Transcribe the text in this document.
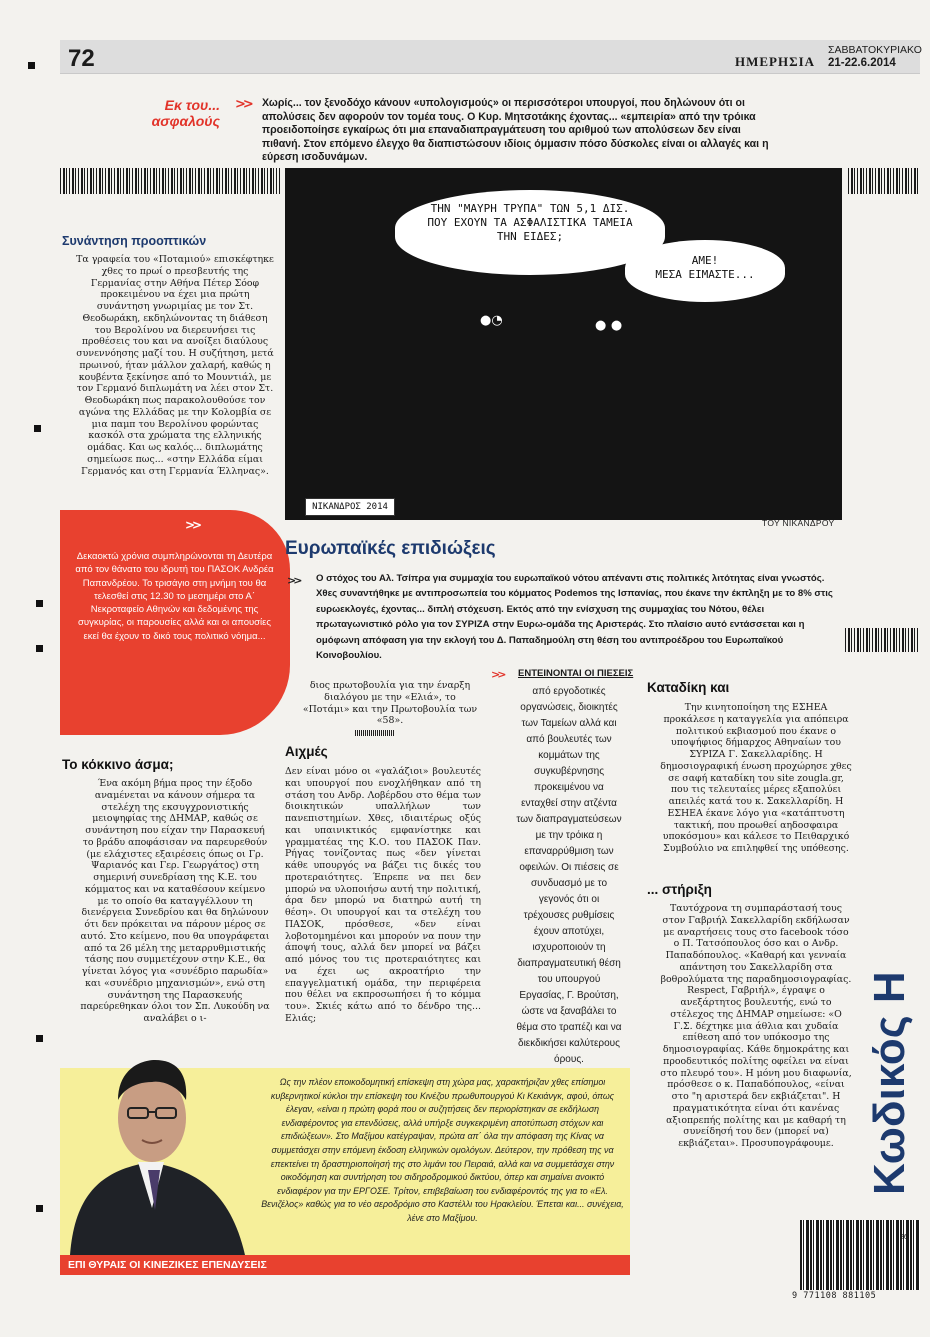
72	ΗΜΕΡΗΣΙΑ
ΣΑΒΒΑΤΟΚΥΡΙΑΚΟ
21-22.6.2014
Εκ του...
ασφαλούς
>> Χωρίς... τον ξενοδόχο κάνουν «υπολογισμούς» οι περισσότεροι υπουργοί, που δηλώνουν ότι οι απολύσεις δεν αφορούν τον τομέα τους. Ο Κυρ. Μητσοτάκης έχοντας... «εμπειρία» από την τρόικα προειδοποίησε εγκαίρως ότι μια επαναδιαπραγμάτευση του αριθμού των απολύσεων δεν είναι πιθανή. Στον επόμενο έλεγχο θα διαπιστώσουν ιδίοις όμμασιν πόσο δύσκολες είναι οι αλλαγές και η εύρεση ισοδυνάμων.
ΤΗΝ "ΜΑΥΡΗ ΤΡΥΠΑ" ΤΩΝ 5,1 ΔΙΣ.
ΠΟΥ ΕΧΟΥΝ ΤΑ ΑΣΦΑΛΙΣΤΙΚΑ ΤΑΜΕΙΑ
ΤΗΝ ΕΙΔΕΣ;
ΑΜΕ!
ΜΕΣΑ ΕΙΜΑΣΤΕ...
●◔	● ●
ΝΙΚΑΝΔΡΟΣ 2014
ΤΟΥ ΝΙΚΑΝΔΡΟΥ
Συνάντηση προοπτικών
Τα γραφεία του «Ποταμιού» επισκέφτηκε χθες το πρωί ο πρεσβευτής της Γερμανίας στην Αθήνα Πέτερ Σόοφ προκειμένου να έχει μια πρώτη συνάντηση γνωριμίας με τον Στ. Θεοδωράκη, εκδηλώνοντας τη διάθεση του Βερολίνου να διερευνήσει τις προθέσεις του και να ανοίξει διαύλους συνεννόησης μαζί του. Η συζήτηση, μετά πρωινού, ήταν μάλλον χαλαρή, καθώς η κουβέντα ξεκίνησε από το Μουντιάλ, με τον Γερμανό διπλωμάτη να λέει στον Στ. Θεοδωράκη πως παρακολουθούσε τον αγώνα της Ελλάδας με την Κολομβία σε μια παμπ του Βερολίνου φορώντας κασκόλ στα χρώματα της ελληνικής ομάδας. Και ως καλός... διπλωμάτης σημείωσε πως... «στην Ελλάδα είμαι Γερμανός και στη Γερμανία Έλληνας».
>>
Δεκαοκτώ χρόνια συμπληρώνονται τη Δευτέρα από τον θάνατο του ιδρυτή του ΠΑΣΟΚ Ανδρέα Παπανδρέου. Το τρισάγιο στη μνήμη του θα τελεσθεί στις 12.30 το μεσημέρι στο Α΄ Νεκροταφείο Αθηνών και δεδομένης της συγκυρίας, οι παρουσίες αλλά και οι απουσίες εκεί θα έχουν το δικό τους πολιτικό νόημα...
Ευρωπαϊκές επιδιώξεις
>> Ο στόχος του Αλ. Τσίπρα για συμμαχία του ευρωπαϊκού νότου απέναντι στις πολιτικές λιτότητας είναι γνωστός. Χθες συναντήθηκε με αντιπροσωπεία του κόμματος Podemos της Ισπανίας, που έκανε την έκπληξη με το 8% στις ευρωεκλογές, έχοντας... διπλή στόχευση. Εκτός από την ενίσχυση της συμμαχίας του Νότου, θέλει πρωταγωνιστικό ρόλο για τον ΣΥΡΙΖΑ στην Ευρω-ομάδα της Αριστεράς. Στο πλαίσιο αυτό εντάσσεται και η ομόφωνη απόφαση για την εκλογή του Δ. Παπαδημούλη στη θέση του αντιπροέδρου του Ευρωπαϊκού Κοινοβουλίου.
Το κόκκινο άσμα;
Ένα ακόμη βήμα προς την έξοδο αναμένεται να κάνουν σήμερα τα στελέχη της εκσυγχρονιστικής μειοψηφίας της ΔΗΜΑΡ, καθώς σε συνάντηση που είχαν την Παρασκευή το βράδυ αποφάσισαν να παρευρεθούν (με ελάχιστες εξαιρέσεις όπως οι Γρ. Ψαριανός και Γερ. Γεωργάτος) στη σημερινή συνεδρίαση της Κ.Ε. του κόμματος και να καταθέσουν κείμενο με το οποίο θα καταγγέλλουν τη διενέργεια Συνεδρίου και θα δηλώνουν ότι δεν πρόκειται να πάρουν μέρος σε αυτό. Στο κείμενο, που θα υπογράφεται από τα 26 μέλη της μεταρρυθμιστικής τάσης που συμμετέχουν στην Κ.Ε., θα γίνεται λόγος για «συνέδριο παρωδία» και «συνέδριο μηχανισμών», ενώ στη συνάντηση της Παρασκευής παρεύρεθηκαν όλοι τον Σπ. Λυκούδη να αναλάβει ο ι-
διος πρωτοβουλία για την έναρξη διαλόγου με την «Ελιά», το «Ποτάμι» και την Πρωτοβουλία των «58».
Αιχμές
Δεν είναι μόνο οι «γαλάζιοι» βουλευτές και υπουργοί που ενοχλήθηκαν από τη στάση του Ανδρ. Λοβέρδου στο θέμα των διοικητικών υπαλλήλων των πανεπιστημίων. Χθες, ιδιαιτέρως οξύς και υπαινικτικός εμφανίστηκε και γραμματέας της Κ.Ο. του ΠΑΣΟΚ Παν. Ρήγας τονίζοντας πως «δεν γίνεται κάθε υπουργός να βάζει τις δικές του προτεραιότητες. Έπρεπε να πει δεν μπορώ να υλοποιήσω αυτή την πολιτική, άρα δεν μπορώ να διατηρώ αυτή τη θέση». Οι υπουργοί και τα στελέχη του ΠΑΣΟΚ, πρόσθεσε, «δεν είναι λοβοτομημένοι και μπορούν να πουν την άποψή τους, αλλά δεν μπορεί να βάζει από μόνος του τις προτεραιότητες και να έχει ως ακροατήριο την επαγγελματική ομάδα, την περιφέρεια που θέλει να εκπροσωπήσει ή το κόμμα του». Σκιές κάτω από το δένδρο της... Ελιάς;
>> ΕΝΤΕΙΝΟΝΤΑΙ ΟΙ ΠΙΕΣΕΙΣ
από εργοδοτικές οργανώσεις, διοικητές των Ταμείων αλλά και από βουλευτές των κομμάτων της συγκυβέρνησης προκειμένου να ενταχθεί στην ατζέντα των διαπραγματεύσεων με την τρόικα η επαναρρύθμιση των οφειλών. Οι πιέσεις σε συνδυασμό με το γεγονός ότι οι τρέχουσες ρυθμίσεις έχουν αποτύχει, ισχυροποιούν τη διαπραγματευτική θέση του υπουργού Εργασίας, Γ. Βρούτση, ώστε να ξαναβάλει το θέμα στο τραπέζι και να διεκδικήσει καλύτερους όρους.
Καταδίκη και
Την κινητοποίηση της ΕΣΗΕΑ προκάλεσε η καταγγελία για απόπειρα πολιτικού εκβιασμού που έκανε ο υποψήφιος δήμαρχος Αθηναίων του ΣΥΡΙΖΑ Γ. Σακελλαρίδης. Η δημοσιογραφική ένωση προχώρησε χθες σε σαφή καταδίκη του site zougla.gr, που τις τελευταίες μέρες εξαπολύει απειλές κατά του κ. Σακελλαρίδη. Η ΕΣΗΕΑ έκανε λόγο για «κατάπτυστη τακτική, που προωθεί αηδοσφαιρα υποκόσμου» και κάλεσε το Πειθαρχικό Συμβούλιο να επιληφθεί της υπόθεσης.
... στήριξη
Ταυτόχρονα τη συμπαράστασή τους στον Γαβριήλ Σακελλαρίδη εκδήλωσαν με αναρτήσεις τους στο facebook τόσο ο Π. Τατσόπουλος όσο και ο Ανδρ. Παπαδόπουλος. «Καθαρή και γενναία απάντηση του Σακελλαρίδη στα βοθρολύματα της παραδημοσιογραφίας. Respect, Γαβριήλ», έγραψε ο ανεξάρτητος βουλευτής, ενώ το στέλεχος της ΔΗΜΑΡ σημείωσε: «Ο Γ.Σ. δέχτηκε μια άθλια και χυδαία επίθεση από τον υπόκοσμο της δημοσιογραφίας. Κάθε δημοκράτης και προοδευτικός πολίτης οφείλει να είναι στο πλευρό του». Η μόνη μου διαφωνία, πρόσθεσε ο κ. Παπαδόπουλος, «είναι στο "η αριστερά δεν εκβιάζεται". Η πραγματικότητα είναι ότι κανένας αξιοπρεπής πολίτης και με καθαρή τη συνείδησή του δεν (μπορεί να) εκβιάζεται». Προσυπογράφουμε. Κωδικός Η
Ως την πλέον εποικοδομητική επίσκεψη στη χώρα μας, χαρακτήριζαν χθες επίσημοι κυβερνητικοί κύκλοι την επίσκεψη του Κινέζου πρωθυπουργού Κι Κεκιάνγκ, αφού, όπως έλεγαν, «είναι η πρώτη φορά που οι συζητήσεις δεν περιορίστηκαν σε εκδήλωση ενδιαφέροντος για επενδύσεις, αλλά υπήρξε συγκεκριμένη αποτύπωση στόχων και επιδιώξεων». Στο Μαξίμου κατέγραψαν, πρώτα απ΄ όλα την απόφαση της Κίνας να συμμετάσχει στην επόμενη έκδοση ελληνικών ομολόγων. Δεύτερον, την πρόθεση της να επεκτείνει τη δραστηριοποίησή της στο λιμάνι του Πειραιά, αλλά και να συμμετάσχει στην οικοδόμηση και συντήρηση του σιδηροδρομικού δικτύου, όπερ και σημαίνει ανοικτό ενδιαφέρον για την ΕΡΓΟΣΕ. Τρίτον, επιβεβαίωση του ενδιαφέροντός της για το «Ελ. Βενιζέλος» καθώς για το νέο αεροδρόμιο στο Καστέλλι του Ηρακλείου. Έπεται και... συνέχεια, λένε στο Μαξίμου.
ΕΠΙ ΘΥΡΑΙΣ ΟΙ ΚΙΝΕΖΙΚΕΣ ΕΠΕΝΔΥΣΕΙΣ
26
9 771108 881105
